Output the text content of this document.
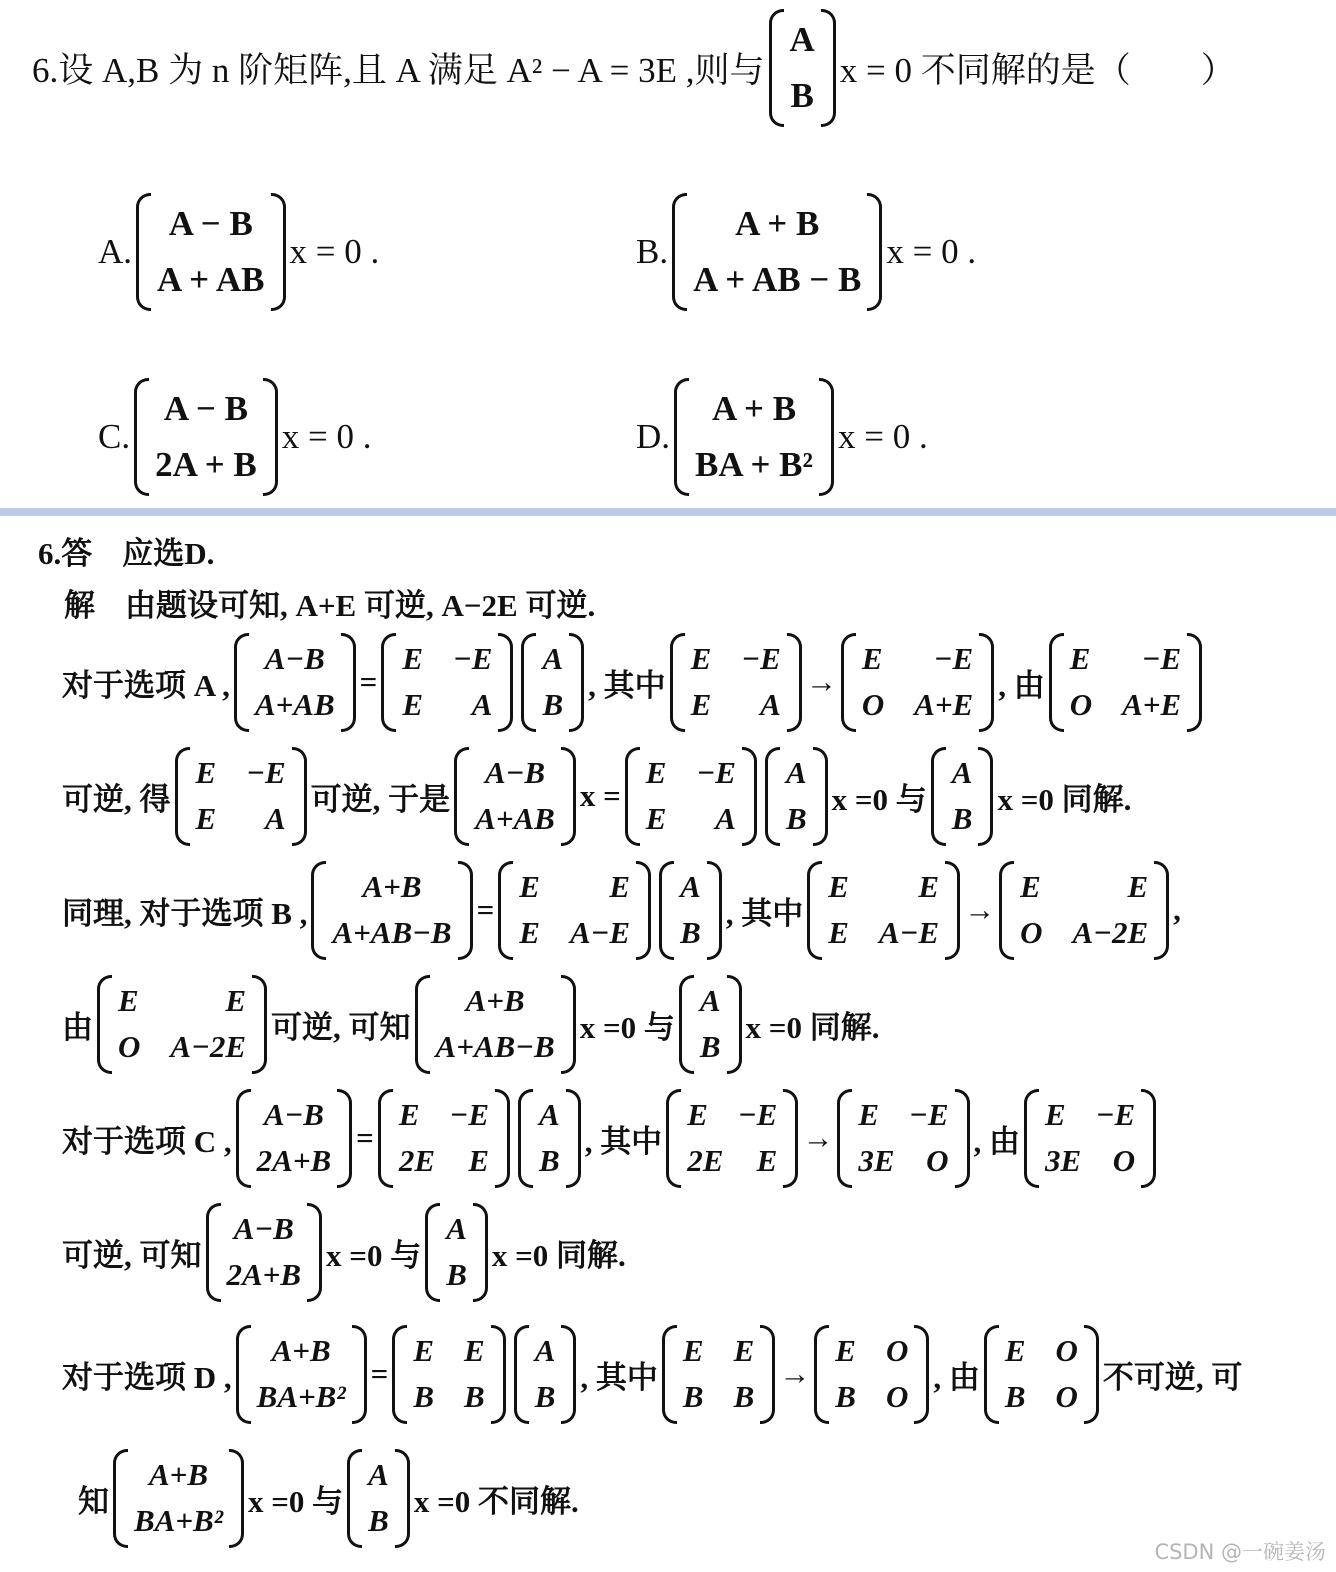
6.设 A,B 为 n 阶矩阵,且 A 满足 A² − A = 3E ,则与
A
B
x = 0 不同解的是（　　）
A.
A − B
A + AB
x = 0 .	B.
A + B
A + AB − B
x = 0 .
C.
A − B
2A + B
x = 0 .	D.
A + B
BA + B²
x = 0 .
6.答 应选D.
解 由题设可知, A+E 可逆, A−2E 可逆.
对于选项 A ,
A−B
A+AB
=
E −E
E A
A
B
, 其中
E −E
E A
→
E −E
O A+E
, 由
E −E
O A+E
可逆, 得
E −E
E A
可逆, 于是
A−B
A+AB
x =
E −E
E A
A
B
x =0 与
A
B
x =0 同解.
同理, 对于选项 B ,
A+B
A+AB−B
=
E E
E A−E
A
B
, 其中
E E
E A−E
→
E	E
O A−2E
,
由
E	E
O A−2E
可逆, 可知
A+B
A+AB−B
x =0 与
A
B
x =0 同解.
对于选项 C ,
A−B
2A+B
=
E −E
2E E
A
B
, 其中
E −E
2E E
→
E −E
3E O
, 由
E −E
3E O
可逆, 可知
A−B
2A+B
x =0 与
A
B
x =0 同解.
对于选项 D ,
A+B
BA+B²
=
E E
B B
A
B
, 其中
E E
B B
→
E O
B O
, 由
E O
B O
不可逆, 可
知
A+B
BA+B²
x =0 与
A
B
x =0 不同解.
CSDN @一碗姜汤
